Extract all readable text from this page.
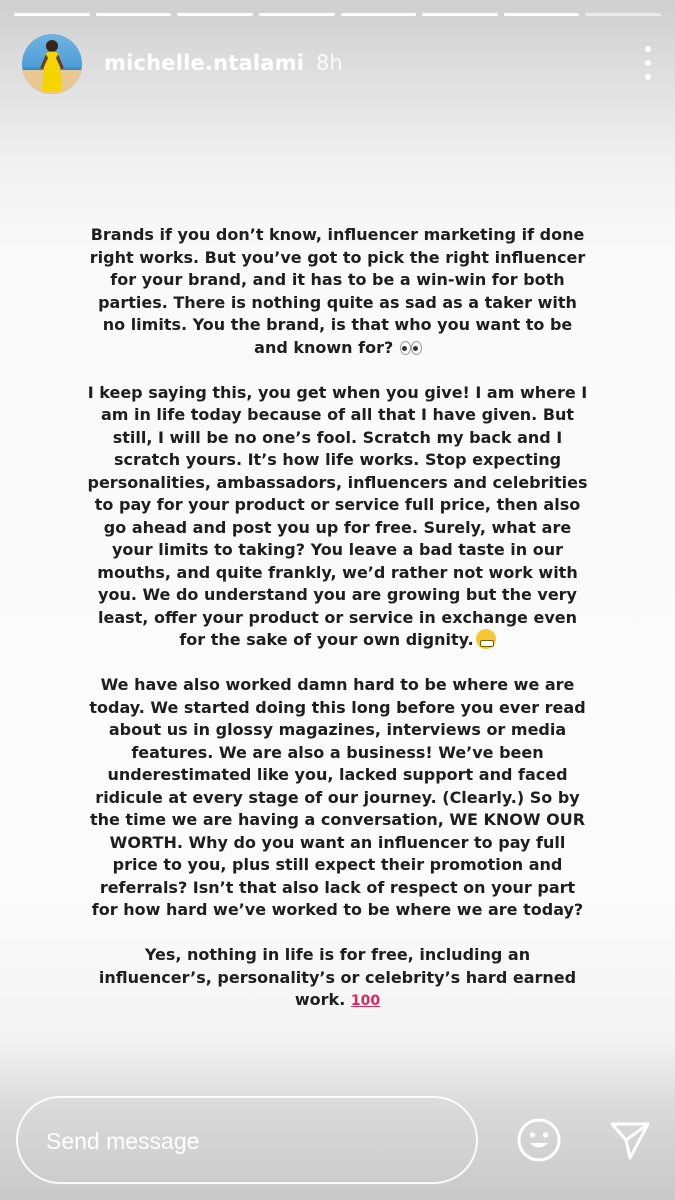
michelle.ntalami 8h

Brands if you don’t know, influencer marketing if done right works. But you’ve got to pick the right influencer for your brand, and it has to be a win-win for both parties. There is nothing quite as sad as a taker with no limits. You the brand, is that who you want to be and known for?

I keep saying this, you get when you give! I am where I am in life today because of all that I have given. But still, I will be no one’s fool. Scratch my back and I scratch yours. It’s how life works. Stop expecting personalities, ambassadors, influencers and celebrities to pay for your product or service full price, then also go ahead and post you up for free. Surely, what are your limits to taking? You leave a bad taste in our mouths, and quite frankly, we’d rather not work with you. We do understand you are growing but the very least, offer your product or service in exchange even for the sake of your own dignity.

We have also worked damn hard to be where we are today. We started doing this long before you ever read about us in glossy magazines, interviews or media features. We are also a business! We’ve been underestimated like you, lacked support and faced ridicule at every stage of our journey. (Clearly.) So by the time we are having a conversation, WE KNOW OUR WORTH. Why do you want an influencer to pay full price to you, plus still expect their promotion and referrals? Isn’t that also lack of respect on your part for how hard we’ve worked to be where we are today?

Yes, nothing in life is for free, including an influencer’s, personality’s or celebrity’s hard earned work. 100

Send message
